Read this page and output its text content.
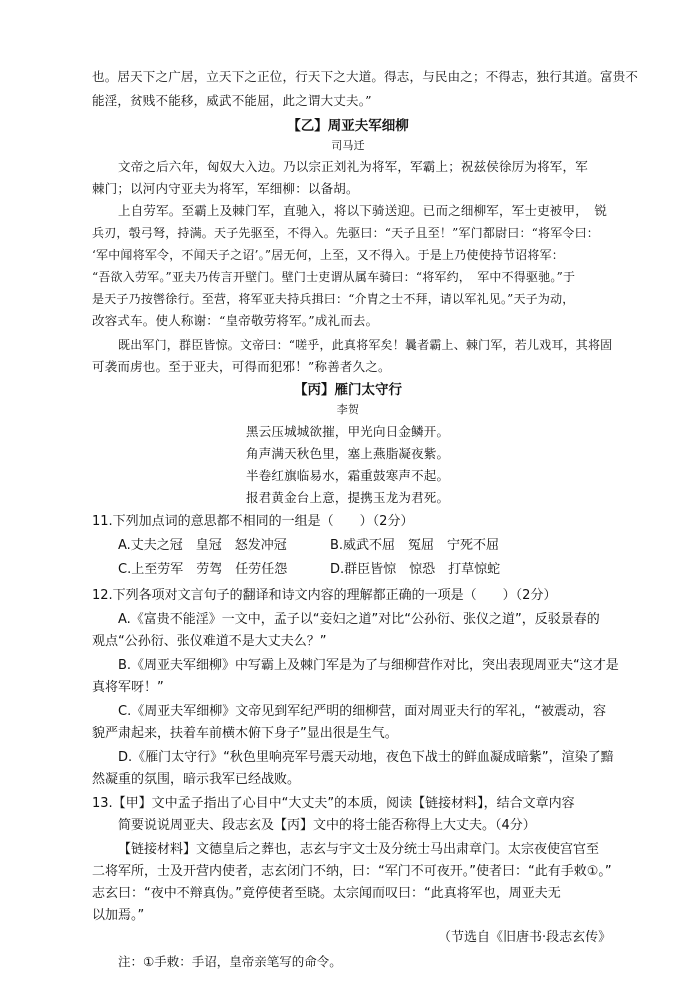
也。居天下之广居，立天下之正位，行天下之大道。得志，与民由之；不得志，独行其道。富贵不
能淫，贫贱不能移，威武不能屈，此之谓大丈夫。”
【乙】周亚夫军细柳
司马迁
文帝之后六年，匈奴大入边。乃以宗正刘礼为将军，军霸上；祝兹侯徐厉为将军，军
棘门；以河内守亚夫为将军，军细柳：以备胡。
上自劳军。至霸上及棘门军，直驰入，将以下骑送迎。已而之细柳军，军士吏被甲，　锐
兵刃，彀弓弩，持满。天子先驱至，不得入。先驱曰：“天子且至！”军门都尉曰：“将军令曰：
‘军中闻将军令，不闻天子之诏’。”居无何，上至，又不得入。于是上乃使使持节诏将军：
“吾欲入劳军。”亚夫乃传言开壁门。壁门士吏谓从属车骑曰：“将军约，　军中不得驱驰。”于
是天子乃按辔徐行。至营，将军亚夫持兵揖曰：“介胄之士不拜，请以军礼见。”天子为动，
改容式车。使人称谢：“皇帝敬劳将军。”成礼而去。
既出军门，群臣皆惊。文帝曰：“嗟乎，此真将军矣！曩者霸上、棘门军，若儿戏耳，其将固
可袭而虏也。至于亚夫，可得而犯邪！”称善者久之。
【丙】雁门太守行
李贺
黑云压城城欲摧，甲光向日金鳞开。
角声满天秋色里，塞上燕脂凝夜紫。
半卷红旗临易水，霜重鼓寒声不起。
报君黄金台上意，提携玉龙为君死。
11.下列加点词的意思都不相同的一组是（　　）（2分）
A.丈夫之冠　皇冠　怒发冲冠	B.威武不屈　冤屈　宁死不屈
C.上至劳军　劳驾　任劳任怨	D.群臣皆惊　惊恐　打草惊蛇
12.下列各项对文言句子的翻译和诗文内容的理解都正确的一项是（　　）（2分）
A.《富贵不能淫》一文中，孟子以“妾妇之道”对比“公孙衍、张仪之道”，反驳景春的
观点“公孙衍、张仪难道不是大丈夫么？”
B.《周亚夫军细柳》中写霸上及棘门军是为了与细柳营作对比，突出表现周亚夫“这才是
真将军呀！”
C.《周亚夫军细柳》文帝见到军纪严明的细柳营，面对周亚夫行的军礼，“被震动，容
貌严肃起来，扶着车前横木俯下身子”显出很是生气。
D.《雁门太守行》“秋色里响亮军号震天动地，夜色下战士的鲜血凝成暗紫”，渲染了黯
然凝重的氛围，暗示我军已经战败。
13.【甲】文中孟子指出了心目中“大丈夫”的本质，阅读【链接材料】，结合文章内容
简要说说周亚夫、段志玄及【丙】文中的将士能否称得上大丈夫。（4分）
【链接材料】文德皇后之葬也，志玄与宇文士及分统士马出肃章门。太宗夜使宫官至
二将军所，士及开营内使者，志玄闭门不纳，曰：“军门不可夜开。”使者曰：“此有手敕①。”
志玄曰：“夜中不辩真伪。”竟停使者至晓。太宗闻而叹曰：“此真将军也，周亚夫无
以加焉。”
（节选自《旧唐书·段志玄传》
注：①手敕：手诏，皇帝亲笔写的命令。
